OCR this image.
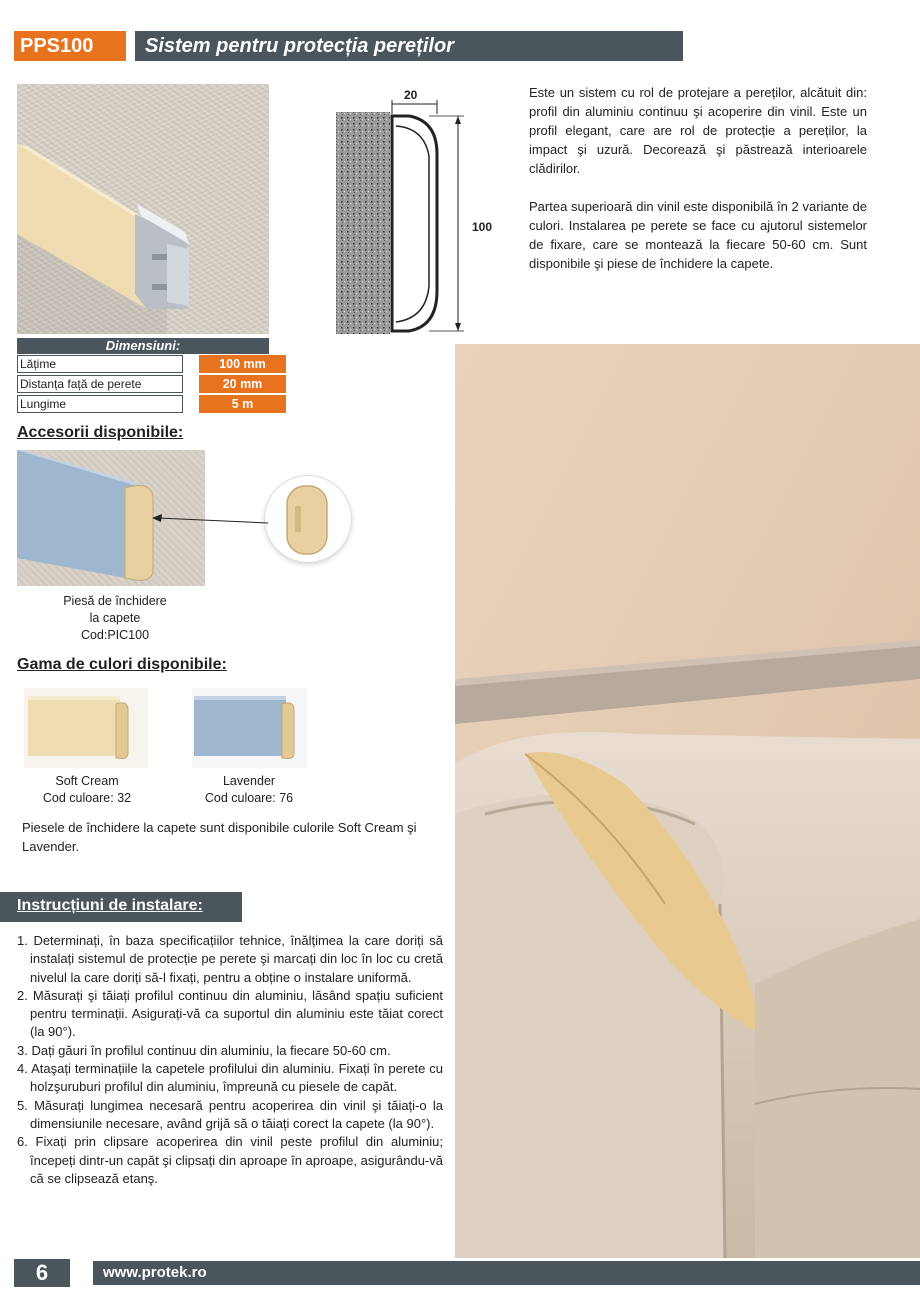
PPS100	Sistem pentru protecția pereților
20
100
Este un sistem cu rol de protejare a pereților, alcătuit din: profil din aluminiu continuu şi acoperire din vinil. Este un profil elegant, care are rol de protecție a pereților, la impact şi uzură. Decorează şi păstrează interioarele clădirilor.
Partea superioară din vinil este disponibilă în 2 variante de culori. Instalarea pe perete se face cu ajutorul sistemelor de fixare, care se montează la fiecare 50-60 cm. Sunt disponibile şi piese de închidere la capete.
Dimensiuni:
Lățime	100 mm
Distanța față de perete	20 mm
Lungime	5 m
Accesorii disponibile:
Piesă de închidere
la capete
Cod:PIC100
Gama de culori disponibile:
Soft Cream
Cod culoare: 32
Lavender
Cod culoare: 76
Piesele de închidere la capete sunt disponibile culorile Soft Cream şi Lavender.
Instrucțiuni de instalare:
1. Determinați, în baza specificațiilor tehnice, înălțimea la care doriți să instalați sistemul de protecție pe perete şi marcați din loc în loc cu cretă nivelul la care doriți să-l fixați, pentru a obține o instalare uniformă.
2. Măsurați şi tăiați profilul continuu din aluminiu, lăsând spațiu suficient pentru terminații. Asigurați-vă ca suportul din aluminiu este tăiat corect (la 90°).
3. Dați găuri în profilul continuu din aluminiu, la fiecare 50-60 cm.
4. Ataşați terminațiile la capetele profilului din aluminiu. Fixați în perete cu holzşuruburi profilul din aluminiu, împreună cu piesele de capăt.
5. Măsurați lungimea necesară pentru acoperirea din vinil şi tăiați-o la dimensiunile necesare, având grijă să o tăiați corect la capete (la 90°).
6. Fixați prin clipsare acoperirea din vinil peste profilul din aluminiu; începeți dintr-un capăt şi clipsați din aproape în aproape, asigurându-vă că se clipsează etanş.
6	www.protek.ro
